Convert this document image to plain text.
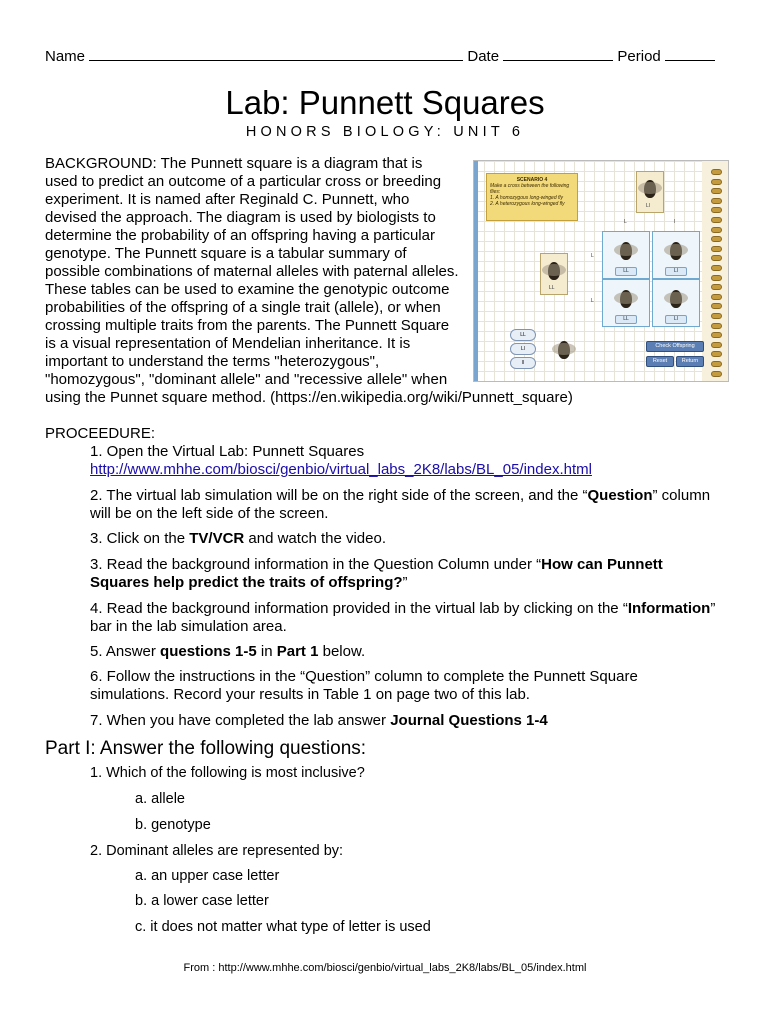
Name	Date	Period
Lab: Punnett Squares
HONORS BIOLOGY: UNIT 6
BACKGROUND: The Punnett square is a diagram that is
used to predict an outcome of a particular cross or breeding
experiment. It is named after Reginald C. Punnett, who
devised the approach. The diagram is used by biologists to
determine the probability of an offspring having a particular
genotype. The Punnett square is a tabular summary of
possible combinations of maternal alleles with paternal alleles.
These tables can be used to examine the genotypic outcome
probabilities of the offspring of a single trait (allele), or when
crossing multiple traits from the parents. The Punnett Square
is a visual representation of Mendelian inheritance. It is
important to understand the terms "heterozygous",
"homozygous", "dominant allele" and "recessive allele" when
using the Punnet square method. (https://en.wikipedia.org/wiki/Punnett_square)
SCENARIO 4
Make a cross between the following flies:
1. A homozygous long-winged fly
2. A heterozygous long-winged fly	Ll
L	l
LL
L
L
LL	Ll
LL	Ll
LL
Ll
ll
Check Offspring
Reset	Return
PROCEEDURE:
1. Open the Virtual Lab: Punnett Squares
http://www.mhhe.com/biosci/genbio/virtual_labs_2K8/labs/BL_05/index.html
2. The virtual lab simulation will be on the right side of the screen, and the “Question” column
will be on the left side of the screen.
3. Click on the TV/VCR and watch the video.
3. Read the background information in the Question Column under “How can Punnett
Squares help predict the traits of offspring?”
4. Read the background information provided in the virtual lab by clicking on the “Information”
bar in the lab simulation area.
5. Answer questions 1-5 in Part 1 below.
6. Follow the instructions in the “Question” column to complete the Punnett Square
simulations. Record your results in Table 1 on page two of this lab.
7. When you have completed the lab answer Journal Questions 1-4
Part I: Answer the following questions:
1. Which of the following is most inclusive?
a. allele
b. genotype
2. Dominant alleles are represented by:
a. an upper case letter
b. a lower case letter
c. it does not matter what type of letter is used
From : http://www.mhhe.com/biosci/genbio/virtual_labs_2K8/labs/BL_05/index.html
